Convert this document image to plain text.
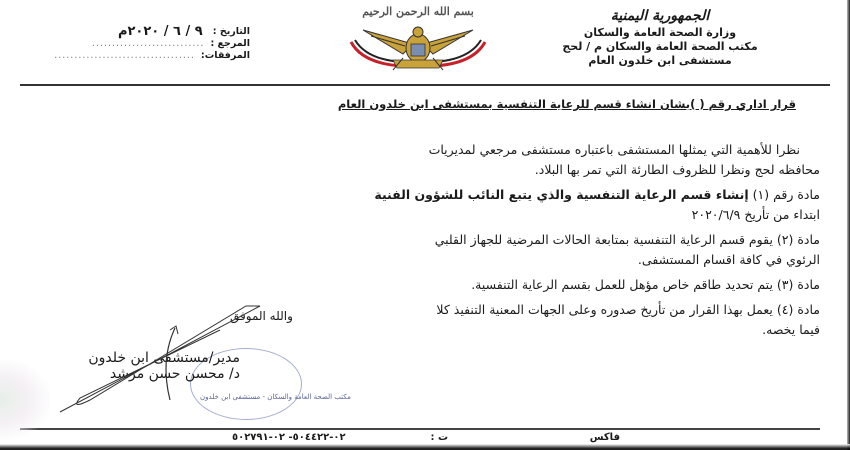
الجمهورية اليمنية
وزارة الصحة العامة والسكان
مكتب الصحة العامة والسكان م / لحج
مستشفى ابن خلدون العام
بسم الله الرحمن الرحيم
التاريخ :
٩ / ٦ / ٢٠٢٠م
المرجع :
............................
المرفقات:
...................................
قرار اداري رقم ( )بشان انشاء قسم للرعاية التنفسية بمستشفى ابن خلدون العام

نظرا للأهمية التي يمثلها المستشفى باعتباره مستشفى مرجعي لمديريات

محافظه لحج ونظرا للظروف الطارئة التي تمر بها البلاد.

مادة رقم (١) إنشاء قسم الرعاية التنفسية والذي يتبع النائب للشؤون الفنية
ابتداء من تأريخ ٢٠٢٠/٦/٩
مادة (٢) يقوم قسم الرعاية التنفسية بمتابعة الحالات المرضية للجهاز القلبي
الرئوي في كافة اقسام المستشفى.
مادة (٣) يتم تحديد طاقم خاص مؤهل للعمل بقسم الرعاية التنفسية.
مادة (٤) يعمل بهذا القرار من تأريخ صدوره وعلى الجهات المعنية التنفيذ كلا
فيما يخصه.
والله الموفق
مكتب الصحة العامة والسكان - مستشفى ابن خلدون
مدير/مستشفى ابن خلدون
د/ محسن حسن مرشد
فاكس
ت :
٠٢-٥٠٤٤٢٢- ٠٢-٥٠٢٧٩١
